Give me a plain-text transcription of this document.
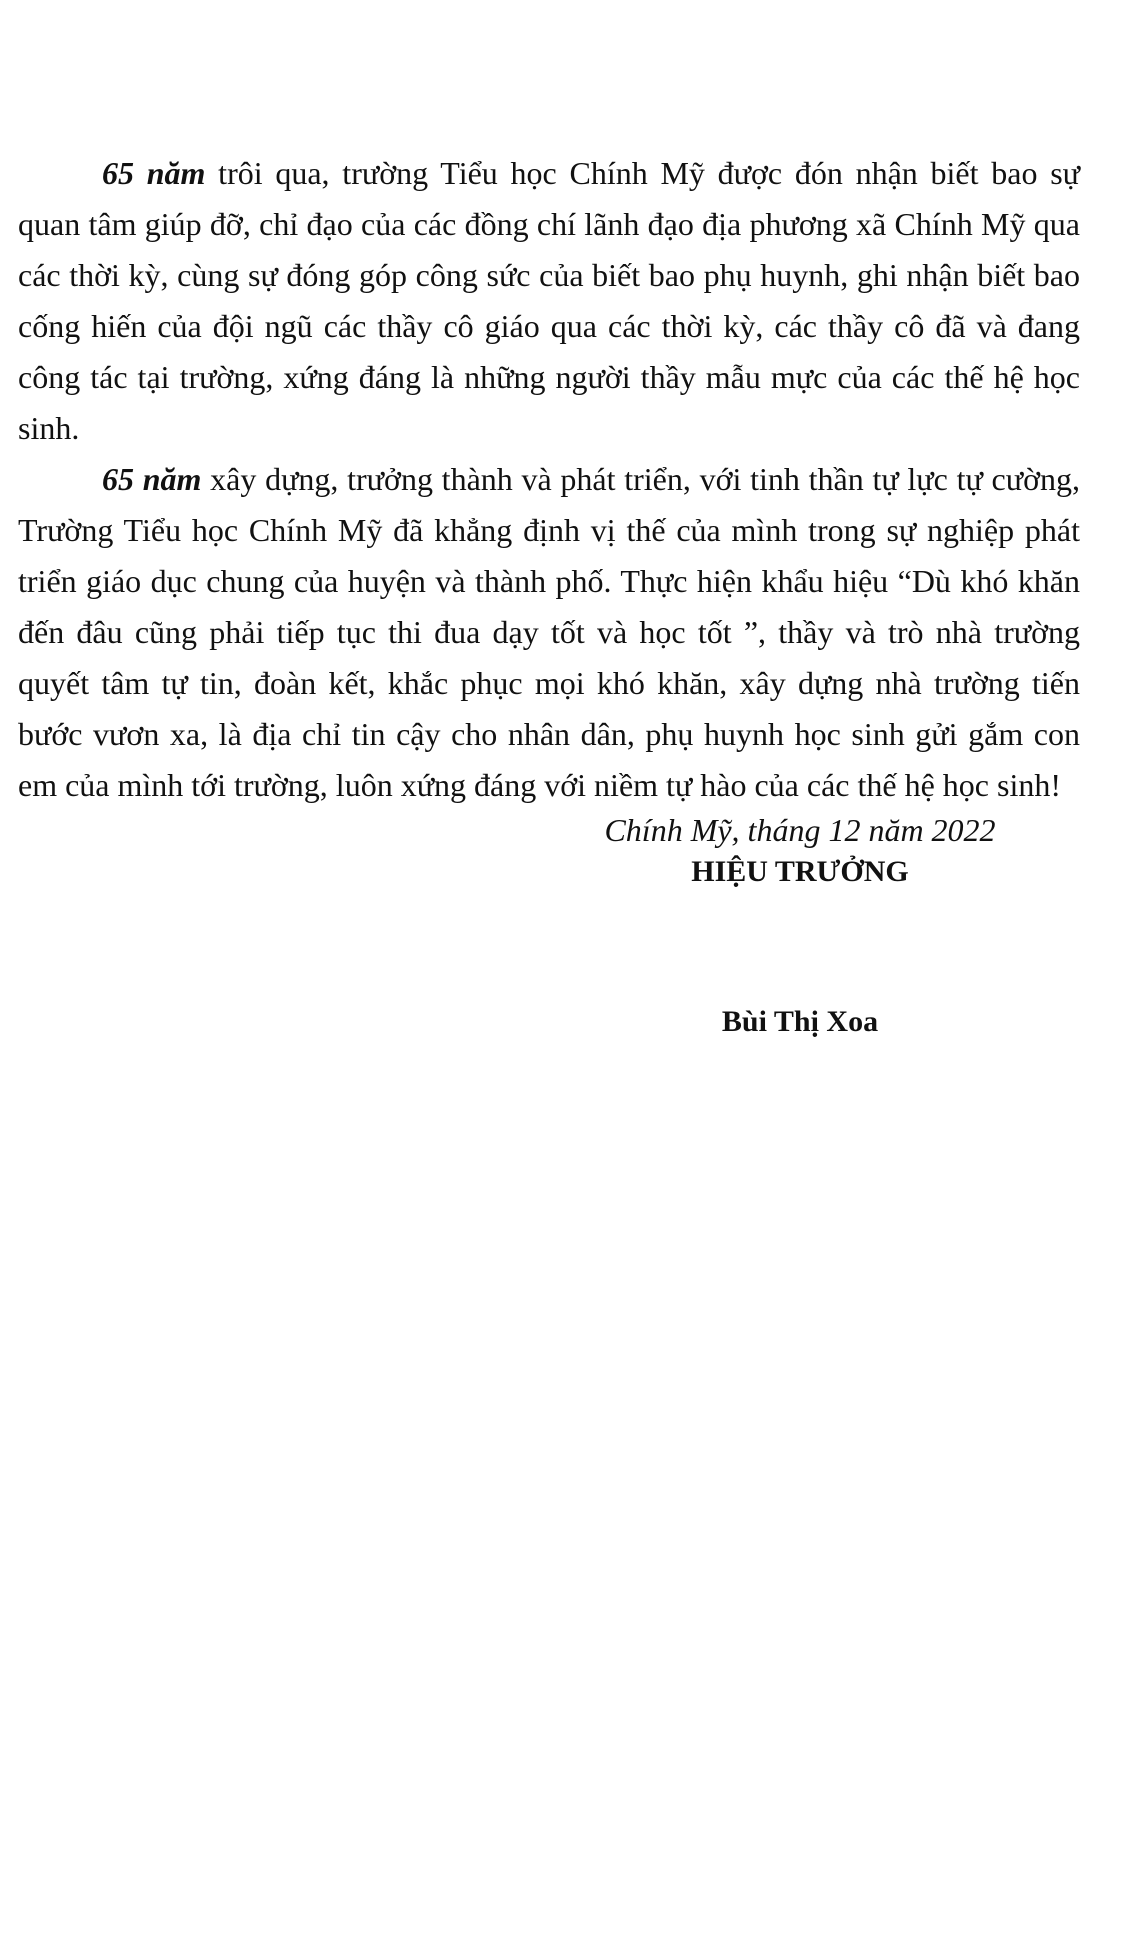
65 năm trôi qua, trường Tiểu học Chính Mỹ được đón nhận biết bao sự quan tâm giúp đỡ, chỉ đạo của các đồng chí lãnh đạo địa phương xã Chính Mỹ qua các thời kỳ, cùng sự đóng góp công sức của biết bao phụ huynh, ghi nhận biết bao cống hiến của đội ngũ các thầy cô giáo qua các thời kỳ, các thầy cô đã và đang công tác tại trường, xứng đáng là những người thầy mẫu mực của các thế hệ học sinh.

65 năm xây dựng, trưởng thành và phát triển, với tinh thần tự lực tự cường, Trường Tiểu học Chính Mỹ đã khẳng định vị thế của mình trong sự nghiệp phát triển giáo dục chung của huyện và thành phố. Thực hiện khẩu hiệu “Dù khó khăn đến đâu cũng phải tiếp tục thi đua dạy tốt và học tốt ”, thầy và trò nhà trường quyết tâm tự tin, đoàn kết, khắc phục mọi khó khăn, xây dựng nhà trường tiến bước vươn xa, là địa chỉ tin cậy cho nhân dân, phụ huynh học sinh gửi gắm con em của mình tới trường, luôn xứng đáng với niềm tự hào của các thế hệ học sinh!

Chính Mỹ, tháng 12 năm 2022
HIỆU TRƯỞNG
Bùi Thị Xoa
